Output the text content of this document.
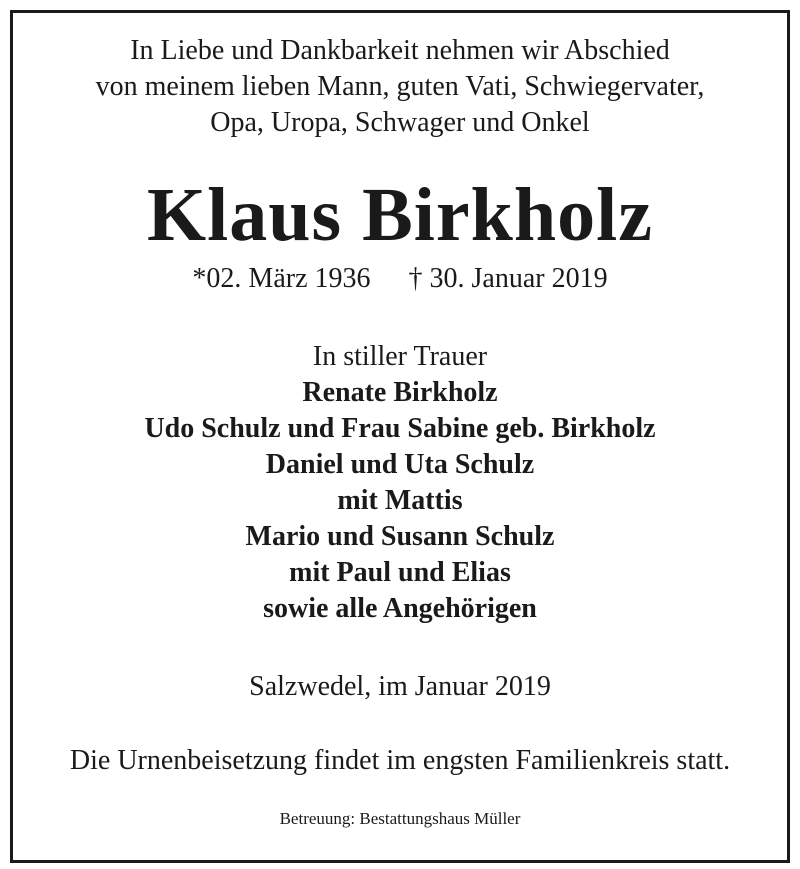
In Liebe und Dankbarkeit nehmen wir Abschied
von meinem lieben Mann, guten Vati, Schwiegervater,
Opa, Uropa, Schwager und Onkel
Klaus Birkholz
*02. März 1936 † 30. Januar 2019
In stiller Trauer
Renate Birkholz
Udo Schulz und Frau Sabine geb. Birkholz
Daniel und Uta Schulz
mit Mattis
Mario und Susann Schulz
mit Paul und Elias
sowie alle Angehörigen
Salzwedel, im Januar 2019
Die Urnenbeisetzung findet im engsten Familienkreis statt.
Betreuung: Bestattungshaus Müller
